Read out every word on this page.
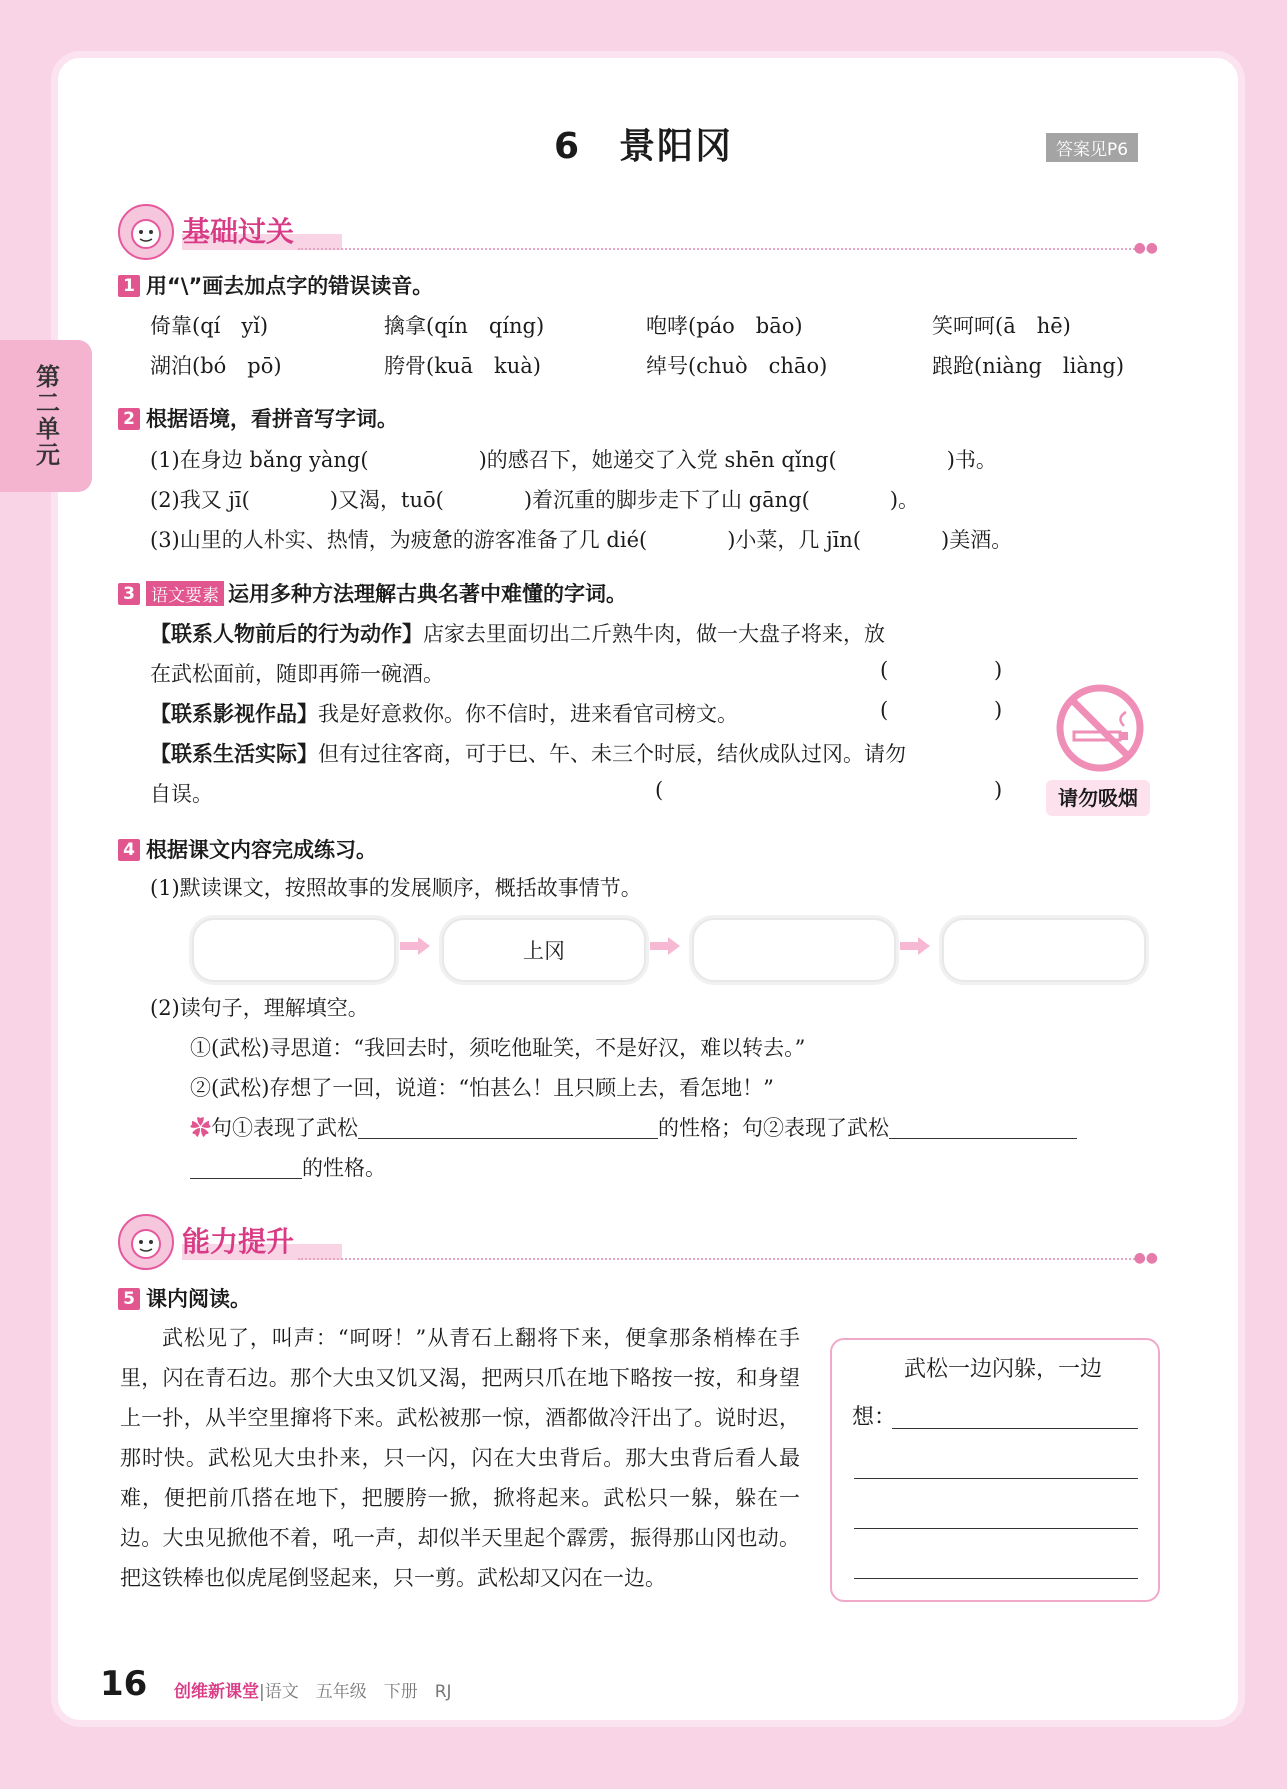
第二单元
6　景阳冈	答案见P6
基础过关	●●
1 用“\”画去加点字的错误读音。
倚靠(qí　yǐ)	擒拿(qín　qíng)	咆哮(páo　bāo)	笑呵呵(ā　hē)
湖泊(bó　pō)	胯骨(kuā　kuà)	绰号(chuò　chāo)	踉跄(niàng　liàng)
2 根据语境，看拼音写字词。
(1)在身边 bǎng yàng(	)的感召下，她递交了入党 shēn qǐng(	)书。
(2)我又 jī(	)又渴，tuō(	)着沉重的脚步走下了山 gāng(	)。
(3)山里的人朴实、热情，为疲惫的游客准备了几 dié(	)小菜，几 jīn(	)美酒。
3 语文要素 运用多种方法理解古典名著中难懂的字词。
【联系人物前后的行为动作】店家去里面切出二斤熟牛肉，做一大盘子将来，放
在武松面前，随即再筛一碗酒。	(	)
【联系影视作品】我是好意救你。你不信时，进来看官司榜文。	(	)
【联系生活实际】但有过往客商，可于巳、午、未三个时辰，结伙成队过冈。请勿
自误。	(	)	请勿吸烟
4 根据课文内容完成练习。
(1)默读课文，按照故事的发展顺序，概括故事情节。
上冈
(2)读句子，理解填空。
①(武松)寻思道：“我回去时，须吃他耻笑，不是好汉，难以转去。”
②(武松)存想了一回，说道：“怕甚么！且只顾上去，看怎地！”
✿句①表现了武松	的性格；句②表现了武松
的性格。
能力提升	●●
5 课内阅读。
武松见了，叫声：“呵呀！”从青石上翻将下来，便拿那条梢棒在手里，闪在青石边。那个大虫又饥又渴，把两只爪在地下略按一按，和身望上一扑，从半空里撺将下来。武松被那一惊，酒都做冷汗出了。说时迟，那时快。武松见大虫扑来，只一闪，闪在大虫背后。那大虫背后看人最难，便把前爪搭在地下，把腰胯一掀，掀将起来。武松只一躲，躲在一边。大虫见掀他不着，吼一声，却似半天里起个霹雳，振得那山冈也动。把这铁棒也似虎尾倒竖起来，只一剪。武松却又闪在一边。
武松一边闪躲，一边
想：
16 创维新课堂|语文　五年级　下册　RJ
